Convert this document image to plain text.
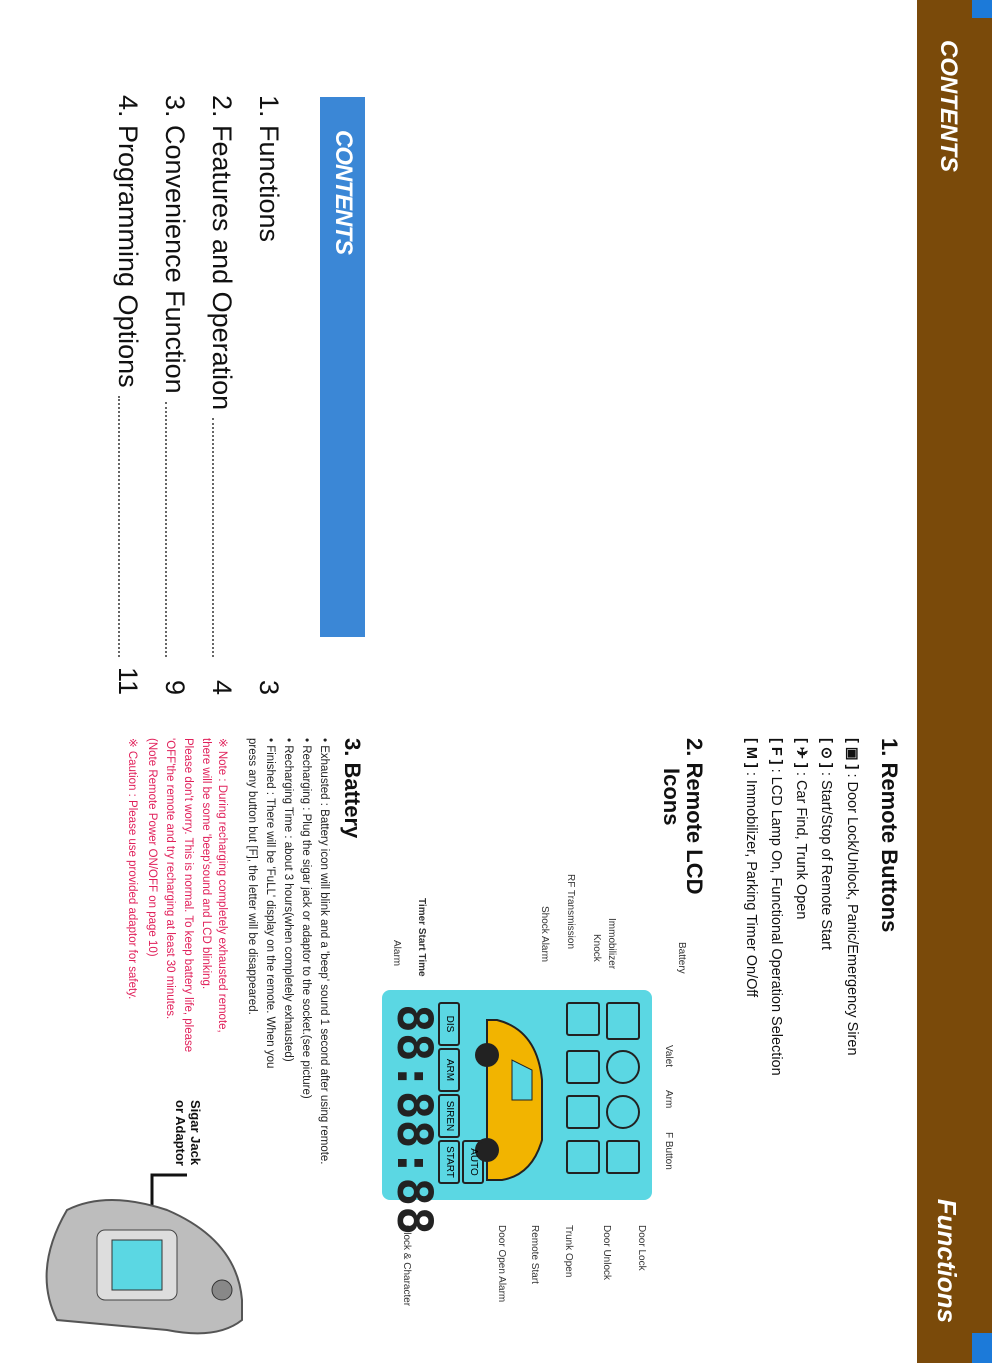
CONTENTS
Functions
CONTENTS
1.
Functions
3
2.
Features and Operation
4
3.
Convenience Function
9
4.
Programming Options
11
1. Remote Buttons
[ ▣ ] : Door Lock/Unlock, Panic/Emergency Siren
[ ⊙ ] : Start/Stop of Remote Start
[ ✈ ] : Car Find, Trunk Open
[ F ] : LCD Lamp On, Functional Operation Selection
[ M ] : Immobilizer, Parking Timer On/Off
2. Remote LCD
Icons
Battery
Immobilizer
Knock
RF Transmission
Shock Alarm
Timer Start Time
Alarm
Valet
Arm
F Button
Door Lock
Door Unlock
Trunk Open
Remote Start
Door Open Alarm
Clock & Character
DIS
ARM
SIREN
START	AUTO
88:88:88
3. Battery
• Exhausted : Battery icon will blink and a 'beep' sound 1 second after using remote.
• Recharging : Plug the sigar jack or adaptor to the socket.(see picture)
• Recharging Time : about 3 hours(when completely exhausted)
• Finished : There will be 'FuLL' display on the remote. When you
press any button but [F], the letter will be disappeared.
※ Note : During recharging completely exhausted remote,
there will be some 'beep'sound and LCD blinking.
Please don't worry. This is normal. To keep battery life, please
'OFF'the remote and try recharging at least 30 minutes.
(Note Remote Power ON/OFF on page 10)
※ Caution : Please use provided adaptor for safety.
Sigar Jack
or Adaptor
